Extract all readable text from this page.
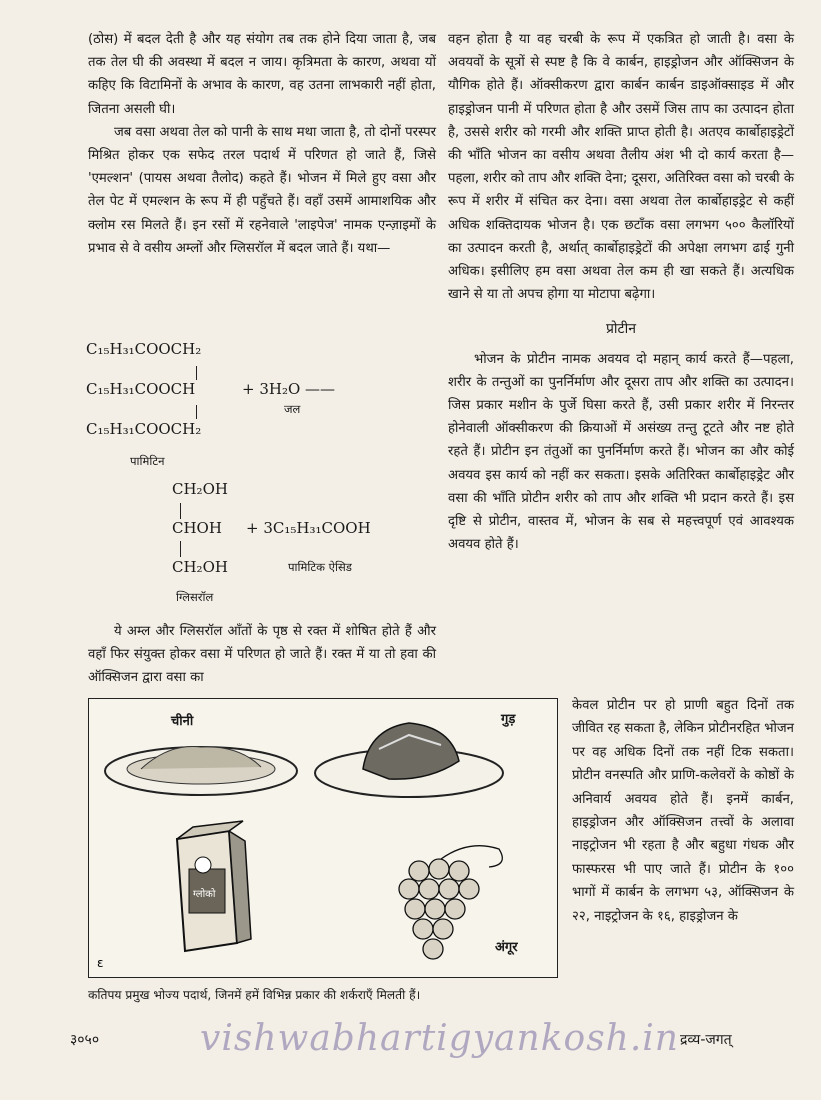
(ठोस) में बदल देती है और यह संयोग तब तक होने दिया जाता है, जब तक तेल घी की अवस्था में बदल न जाय। कृत्रिमता के कारण, अथवा यों कहिए कि विटामिनों के अभाव के कारण, वह उतना लाभकारी नहीं होता, जितना असली घी।

जब वसा अथवा तेल को पानी के साथ मथा जाता है, तो दोनों परस्पर मिश्रित होकर एक सफेद तरल पदार्थ में परिणत हो जाते हैं, जिसे 'एमल्शन' (पायस अथवा तैलोद) कहते हैं। भोजन में मिले हुए वसा और तेल पेट में एमल्शन के रूप में ही पहुँचते हैं। वहाँ उसमें आमाशयिक और क्लोम रस मिलते हैं। इन रसों में रहनेवाले 'लाइपेज' नामक एन्ज़ाइमों के प्रभाव से वे वसीय अम्लों और ग्लिसरॉल में बदल जाते हैं। यथा—

C₁₅H₃₁COOCH₂
C₁₅H₃₁COOCH	+ 3H₂O ——
जल
C₁₅H₃₁COOCH₂
पामिटिन
CH₂OH
CHOH + 3C₁₅H₃₁COOH
CH₂OH	पामिटिक ऐसिड
ग्लिसरॉल

ये अम्ल और ग्लिसरॉल आँतों के पृष्ठ से रक्त में शोषित होते हैं और वहाँ फिर संयुक्त होकर वसा में परिणत हो जाते हैं। रक्त में या तो हवा की ऑक्सिजन द्वारा वसा का

वहन होता है या वह चरबी के रूप में एकत्रित हो जाती है। वसा के अवयवों के सूत्रों से स्पष्ट है कि वे कार्बन, हाइड्रोजन और ऑक्सिजन के यौगिक होते हैं। ऑक्सीकरण द्वारा कार्बन कार्बन डाइऑक्साइड में और हाइड्रोजन पानी में परिणत होता है और उसमें जिस ताप का उत्पादन होता है, उससे शरीर को गरमी और शक्ति प्राप्त होती है। अतएव कार्बोहाइड्रेटों की भाँति भोजन का वसीय अथवा तैलीय अंश भी दो कार्य करता है—पहला, शरीर को ताप और शक्ति देना; दूसरा, अतिरिक्त वसा को चरबी के रूप में शरीर में संचित कर देना। वसा अथवा तेल कार्बोहाइड्रेट से कहीं अधिक शक्तिदायक भोजन है। एक छटाँक वसा लगभग ५०० कैलॉरियों का उत्पादन करती है, अर्थात् कार्बोहाइड्रेटों की अपेक्षा लगभग ढाई गुनी अधिक। इसीलिए हम वसा अथवा तेल कम ही खा सकते हैं। अत्यधिक खाने से या तो अपच होगा या मोटापा बढ़ेगा।

प्रोटीन

भोजन के प्रोटीन नामक अवयव दो महान् कार्य करते हैं—पहला, शरीर के तन्तुओं का पुनर्निर्माण और दूसरा ताप और शक्ति का उत्पादन। जिस प्रकार मशीन के पुर्जे घिसा करते हैं, उसी प्रकार शरीर में निरन्तर होनेवाली ऑक्सीकरण की क्रियाओं में असंख्य तन्तु टूटते और नष्ट होते रहते हैं। प्रोटीन इन तंतुओं का पुनर्निर्माण करते हैं। भोजन का और कोई अवयव इस कार्य को नहीं कर सकता। इसके अतिरिक्त कार्बोहाइड्रेट और वसा की भाँति प्रोटीन शरीर को ताप और शक्ति भी प्रदान करते हैं। इस दृष्टि से प्रोटीन, वास्तव में, भोजन के सब से महत्त्वपूर्ण एवं आवश्यक अवयव होते हैं।

ग्लोको
ε
चीनी	गुड़
अंगूर

केवल प्रोटीन पर हो प्राणी बहुत दिनों तक जीवित रह सकता है, लेकिन प्रोटीनरहित भोजन पर वह अधिक दिनों तक नहीं टिक सकता। प्रोटीन वनस्पति और प्राणि-कलेवरों के कोष्ठों के अनिवार्य अवयव होते हैं। इनमें कार्बन, हाइड्रोजन और ऑक्सिजन तत्त्वों के अलावा नाइट्रोजन भी रहता है और बहुधा गंधक और फास्फरस भी पाए जाते हैं। प्रोटीन के १०० भागों में कार्बन के लगभग ५३, ऑक्सिजन के २२, नाइट्रोजन के १६, हाइड्रोजन के

कतिपय प्रमुख भोज्य पदार्थ, जिनमें हमें विभिन्न प्रकार की शर्कराएँ मिलती हैं।
३०५०	द्रव्य-जगत्
vishwabhartigyankosh.in
